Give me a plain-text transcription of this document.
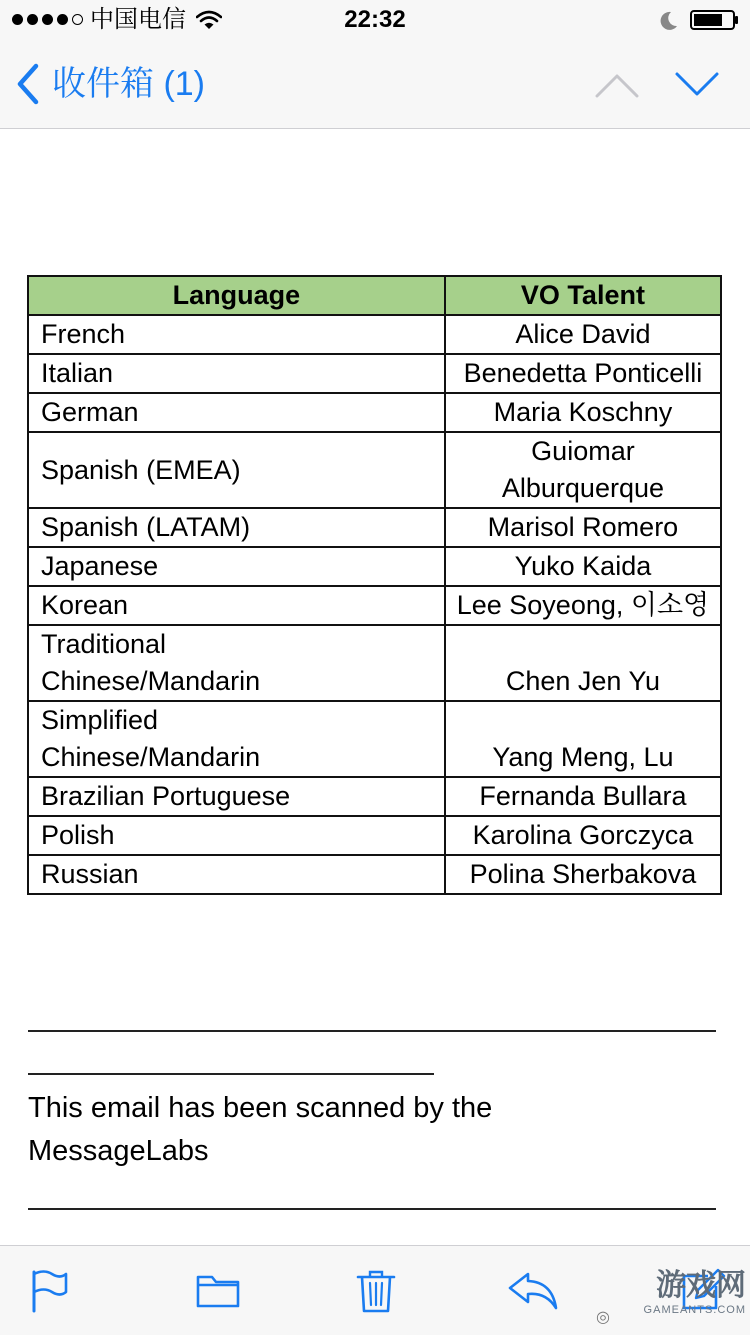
中国电信	22:32
收件箱 (1)
Language	VO Talent
French	Alice David
Italian	Benedetta Ponticelli
German	Maria Koschny
Spanish (EMEA)	Guiomar Alburquerque
Spanish (LATAM)	Marisol Romero
Japanese	Yuko Kaida
Korean	Lee Soyeong, 이소영
Traditional Chinese/Mandarin	Chen Jen Yu
Simplified Chinese/Mandarin	Yang Meng, Lu
Brazilian Portuguese	Fernanda Bullara
Polish	Karolina Gorczyca
Russian	Polina Sherbakova
This email has been scanned by the MessageLabs
◎
游戏网
GAMEANTS.COM
